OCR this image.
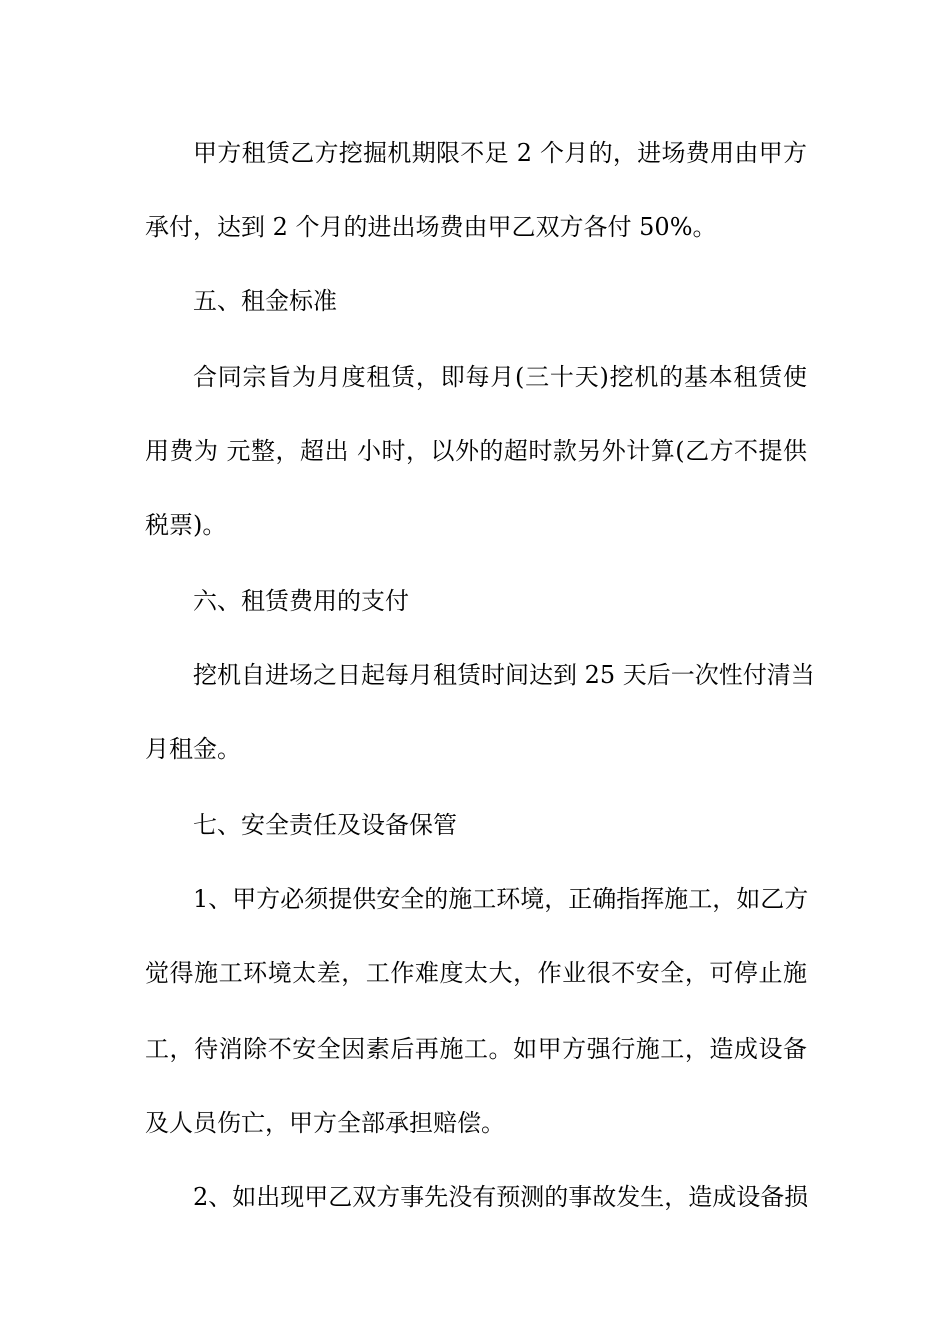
甲方租赁乙方挖掘机期限不足 2 个月的，进场费用由甲方
承付，达到 2 个月的进出场费由甲乙双方各付 50%。
五、租金标准
合同宗旨为月度租赁，即每月(三十天)挖机的基本租赁使
用费为 元整，超出 小时，以外的超时款另外计算(乙方不提供
税票)。
六、租赁费用的支付
挖机自进场之日起每月租赁时间达到 25 天后一次性付清当
月租金。
七、安全责任及设备保管
1、甲方必须提供安全的施工环境，正确指挥施工，如乙方
觉得施工环境太差，工作难度太大，作业很不安全，可停止施
工，待消除不安全因素后再施工。如甲方强行施工，造成设备
及人员伤亡，甲方全部承担赔偿。
2、如出现甲乙双方事先没有预测的事故发生，造成设备损
